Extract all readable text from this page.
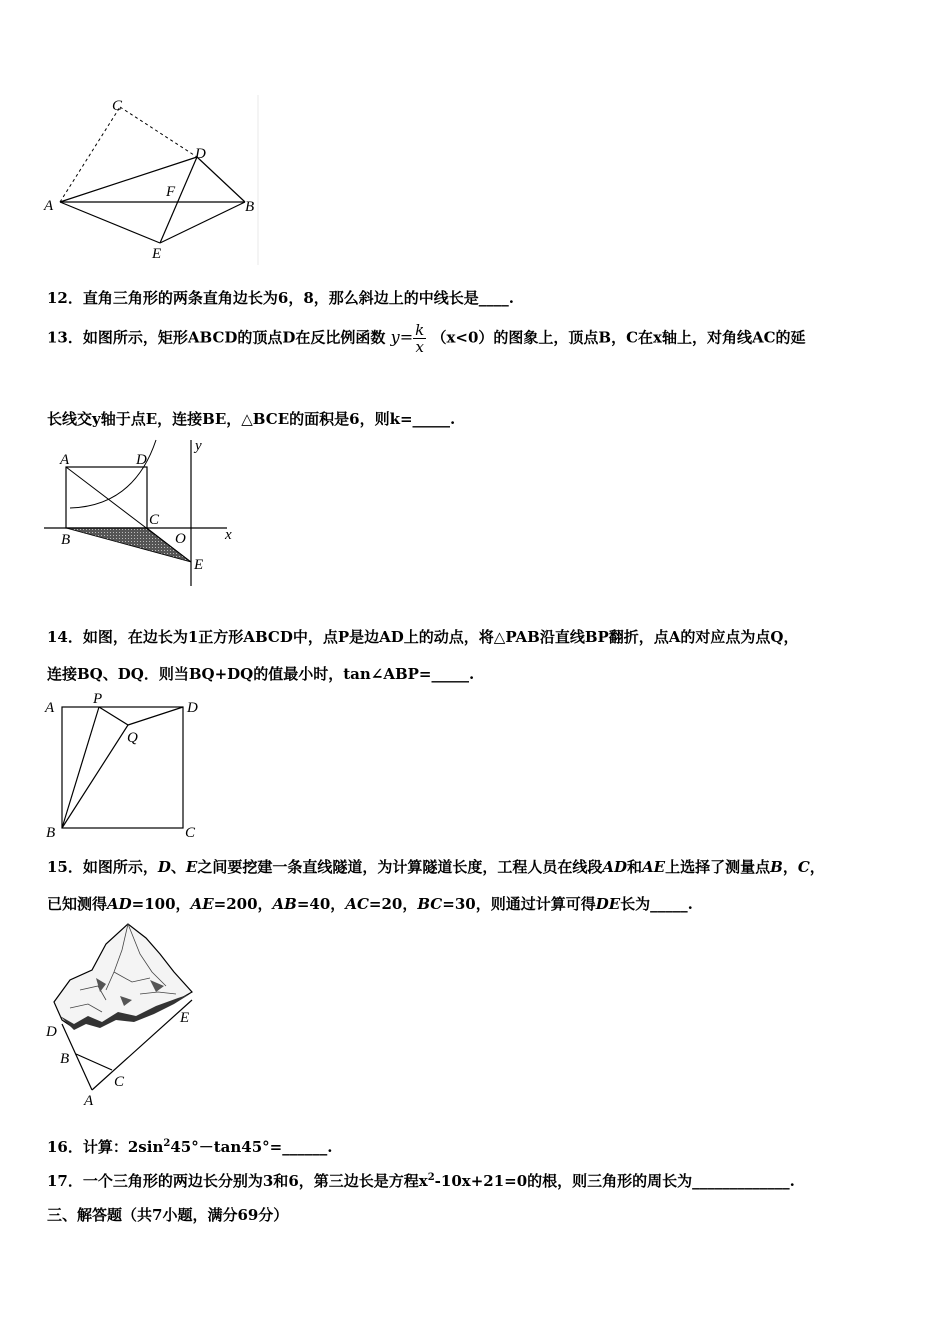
C
D
F
A	B
E
12．直角三角形的两条直角边长为6，8，那么斜边上的中线长是____.
13．如图所示，矩形ABCD的顶点D在反比例函数 $y= \frac{k}{x} (x<0)$的图象上，顶点B，C在x轴上，对角线AC的延
长线交y轴于点E，连接BE，△BCE的面积是6，则k=_____.
y
A	D
C
x
B	O
E
14．如图，在边长为1正方形ABCD中，点P是边AD上的动点，将△PAB沿直线BP翻折，点A的对应点为点Q，
连接BQ、DQ．则当BQ+DQ的值最小时，tan∠ABP=_____.
A
P
D
Q
B	C
15．如图所示，D、E之间要挖建一条直线隧道，为计算隧道长度，工程人员在线段AD和AE上选择了测量点B，C，
已知测得AD=100，AE=200，AB=40，AC=20，BC=30，则通过计算可得DE长为_____.
E
D
B
C
A
16．计算：$2\sin^245^\circ-\tan 45^\circ=\_\_\_\_\_\_$.
17．一个三角形的两边长分别为3和6，第三边长是方程$x^2-10x+21=0$的根，则三角形的周长为_____________.
三、解答题（共7小题，满分69分）
